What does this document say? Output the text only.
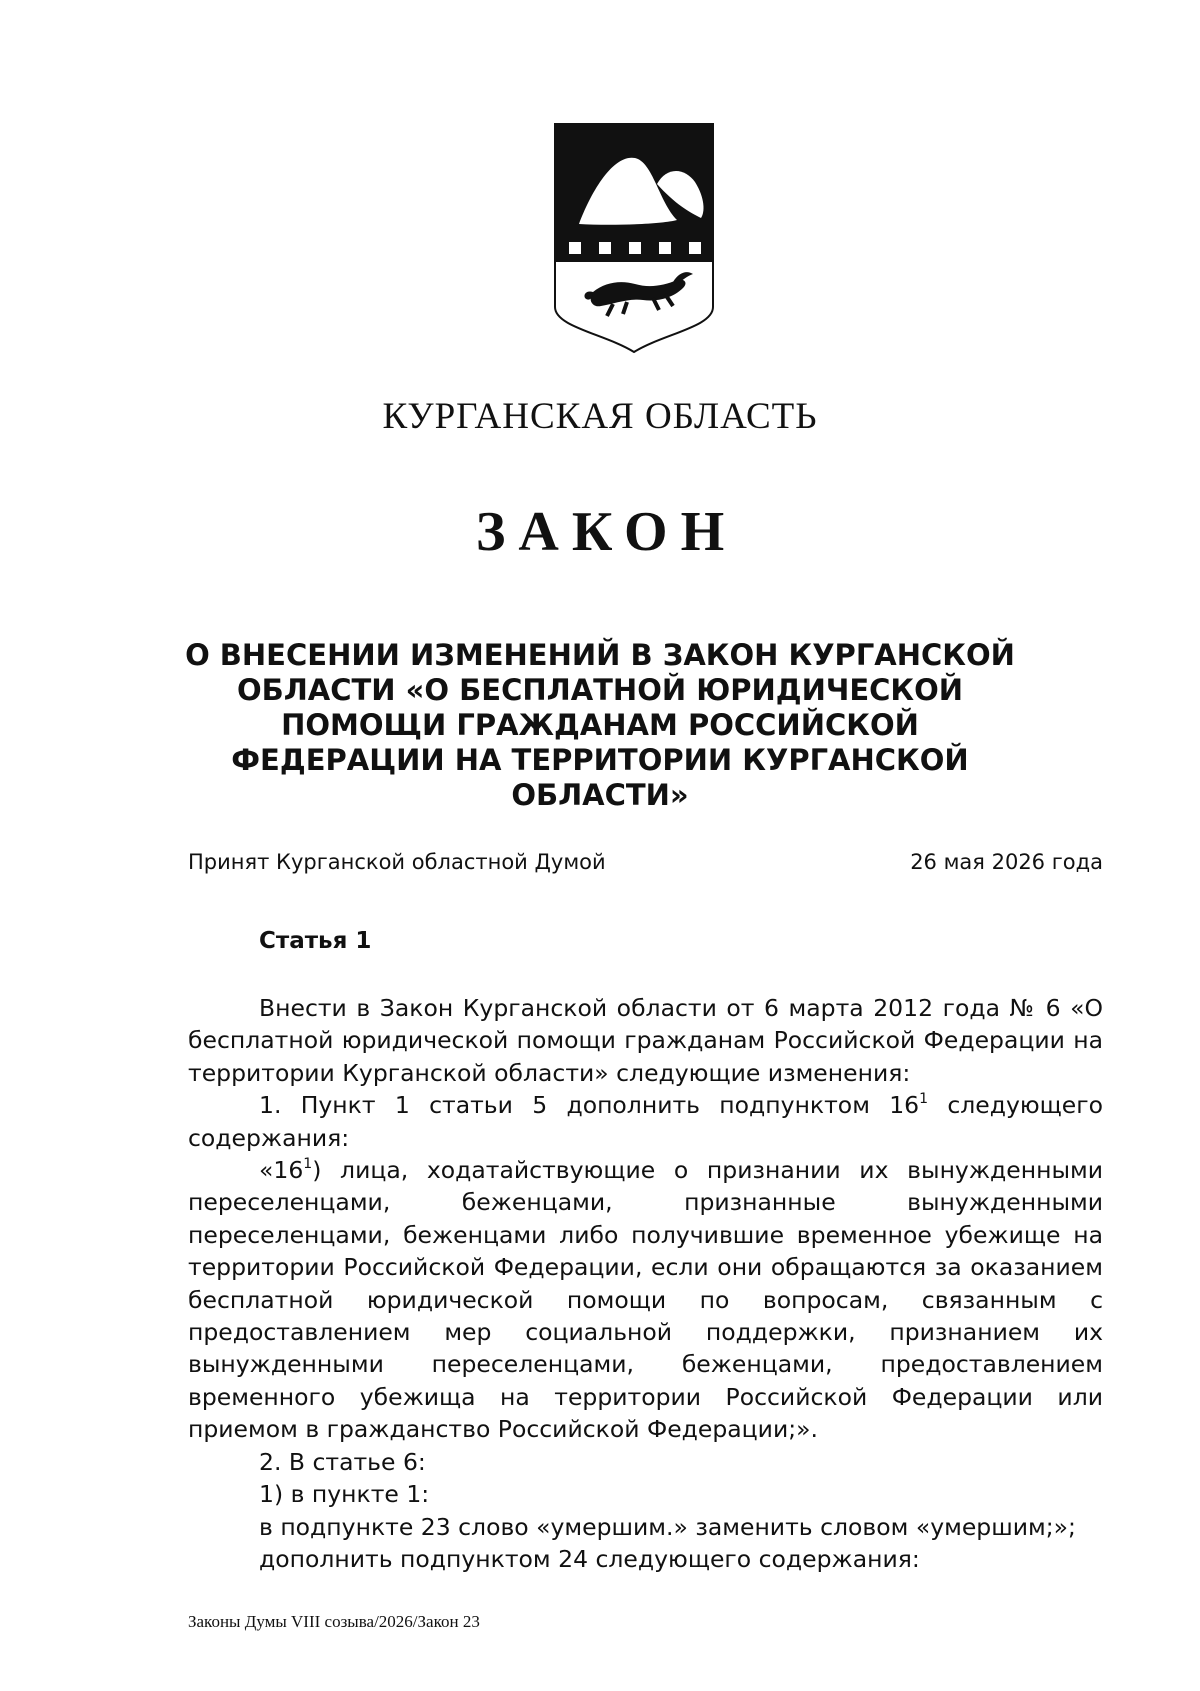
КУРГАНСКАЯ ОБЛАСТЬ
ЗАКОН
О ВНЕСЕНИИ ИЗМЕНЕНИЙ В ЗАКОН КУРГАНСКОЙ ОБЛАСТИ «О БЕСПЛАТНОЙ ЮРИДИЧЕСКОЙ ПОМОЩИ ГРАЖДАНАМ РОССИЙСКОЙ ФЕДЕРАЦИИ НА ТЕРРИТОРИИ КУРГАНСКОЙ ОБЛАСТИ»
Принят Курганской областной Думой	26 мая 2026 года
Статья 1

Внести в Закон Курганской области от 6 марта 2012 года № 6 «О бесплатной юридической помощи гражданам Российской Федерации на территории Курганской области» следующие изменения:

1. Пункт 1 статьи 5 дополнить подпунктом $16^1$ следующего содержания:

«$16^1$) лица, ходатайствующие о признании их вынужденными переселенцами, беженцами, признанные вынужденными переселенцами, беженцами либо получившие временное убежище на территории Российской Федерации, если они обращаются за оказанием бесплатной юридической помощи по вопросам, связанным с предоставлением мер социальной поддержки, признанием их вынужденными переселенцами, беженцами, предоставлением временного убежища на территории Российской Федерации или приемом в гражданство Российской Федерации;».

2. В статье 6:

1) в пункте 1:

в подпункте 23 слово «умершим.» заменить словом «умершим;»;

дополнить подпунктом 24 следующего содержания:

Законы Думы VIII созыва/2026/Закон 23
